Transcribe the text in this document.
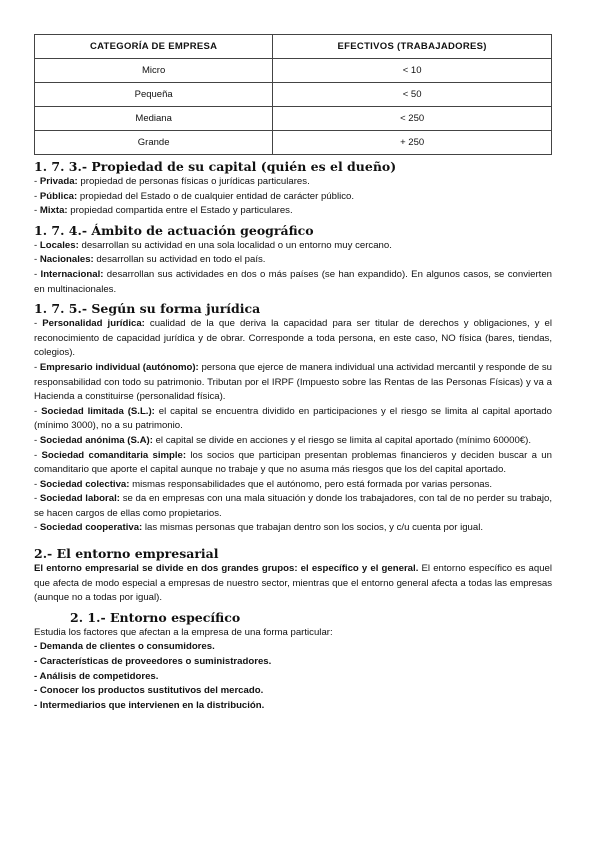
CATEGORÍA DE EMPRESA	EFECTIVOS (TRABAJADORES)
Micro	< 10
Pequeña	< 50
Mediana	< 250
Grande	+ 250
1. 7. 3.- Propiedad de su capital (quién es el dueño)

- Privada: propiedad de personas físicas o jurídicas particulares.

- Pública: propiedad del Estado o de cualquier entidad de carácter público.

- Mixta: propiedad compartida entre el Estado y particulares.

1. 7. 4.- Ámbito de actuación geográfico

- Locales: desarrollan su actividad en una sola localidad o un entorno muy cercano.

- Nacionales: desarrollan su actividad en todo el país.

- Internacional: desarrollan sus actividades en dos o más países (se han expandido). En algunos casos, se convierten en multinacionales.

1. 7. 5.- Según su forma jurídica

- Personalidad jurídica: cualidad de la que deriva la capacidad para ser titular de derechos y obligaciones, y el reconocimiento de capacidad jurídica y de obrar. Corresponde a toda persona, en este caso, NO física (bares, tiendas, colegios).

- Empresario individual (autónomo): persona que ejerce de manera individual una actividad mercantil y responde de su responsabilidad con todo su patrimonio. Tributan por el IRPF (Impuesto sobre las Rentas de las Personas Físicas) y va a Hacienda a constituirse (personalidad física).

- Sociedad limitada (S.L.): el capital se encuentra dividido en participaciones y el riesgo se limita al capital aportado (mínimo 3000), no a su patrimonio.

- Sociedad anónima (S.A): el capital se divide en acciones y el riesgo se limita al capital aportado (mínimo 60000€).

- Sociedad comanditaria simple: los socios que participan presentan problemas financieros y deciden buscar a un comanditario que aporte el capital aunque no trabaje y que no asuma más riesgos que los del capital aportado.

- Sociedad colectiva: mismas responsabilidades que el autónomo, pero está formada por varias personas.

- Sociedad laboral: se da en empresas con una mala situación y donde los trabajadores, con tal de no perder su trabajo, se hacen cargos de ellas como propietarios.

- Sociedad cooperativa: las mismas personas que trabajan dentro son los socios, y c/u cuenta por igual.

2.- El entorno empresarial

El entorno empresarial se divide en dos grandes grupos: el específico y el general. El entorno específico es aquel que afecta de modo especial a empresas de nuestro sector, mientras que el entorno general afecta a todas las empresas (aunque no a todas por igual).

2. 1.- Entorno específico

Estudia los factores que afectan a la empresa de una forma particular:

- Demanda de clientes o consumidores.

- Características de proveedores o suministradores.

- Análisis de competidores.

- Conocer los productos sustitutivos del mercado.

- Intermediarios que intervienen en la distribución.
